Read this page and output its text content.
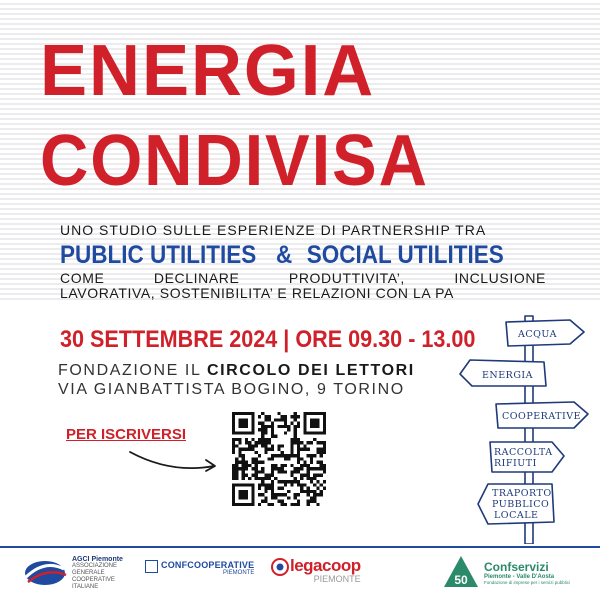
ENERGIA
CONDIVISA
UNO STUDIO SULLE ESPERIENZE DI PARTNERSHIP TRA
PUBLIC UTILITIES & SOCIAL UTILITIES
COME	DECLINARE	PRODUTTIVITA’,	INCLUSIONE
LAVORATIVA, SOSTENIBILITA’ E RELAZIONI CON LA PA
30 SETTEMBRE 2024 | ORE 09.30 - 13.00
FONDAZIONE IL CIRCOLO DEI LETTORI
VIA GIANBATTISTA BOGINO, 9 TORINO
PER ISCRIVERSI
ACQUA
ENERGIA
COOPERATIVE
RACCOLTA
RIFIUTI
TRAPORTO
PUBBLICO
LOCALE
AGCI Piemonte
ASSOCIAZIONE
GENERALE
COOPERATIVE
ITALIANE
CONFCOOPERATIVE
PIEMONTE legacoop
PIEMONTE	50
Confservizi
Piemonte - Valle D'Aosta
Fondazione di imprese per i servizi pubblici
